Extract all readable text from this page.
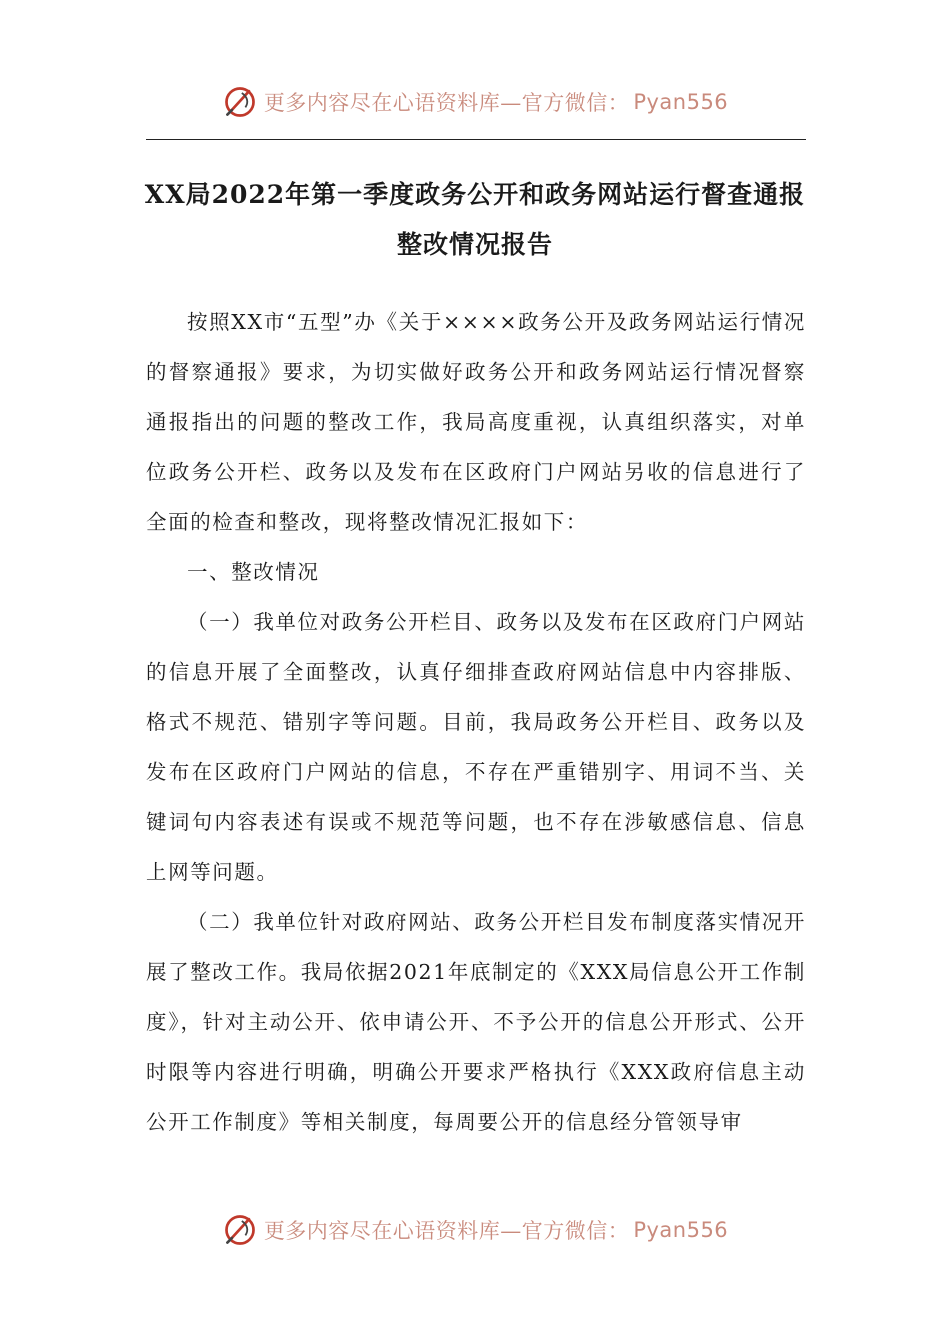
更多内容尽在心语资料库—官方微信： Pyan556
XX局2022年第一季度政务公开和政务网站运行督查通报整改情况报告

按照XX市“五型”办《关于××××政务公开及政务网站运行情况的督察通报》要求，为切实做好政务公开和政务网站运行情况督察通报指出的问题的整改工作，我局高度重视，认真组织落实，对单位政务公开栏、政务以及发布在区政府门户网站另收的信息进行了全面的检查和整改，现将整改情况汇报如下：

一、整改情况

（一）我单位对政务公开栏目、政务以及发布在区政府门户网站的信息开展了全面整改，认真仔细排查政府网站信息中内容排版、格式不规范、错别字等问题。目前，我局政务公开栏目、政务以及发布在区政府门户网站的信息，不存在严重错别字、用词不当、关键词句内容表述有误或不规范等问题，也不存在涉敏感信息、信息上网等问题。

（二）我单位针对政府网站、政务公开栏目发布制度落实情况开展了整改工作。我局依据2021年底制定的《XXX局信息公开工作制度》，针对主动公开、依申请公开、不予公开的信息公开形式、公开时限等内容进行明确，明确公开要求严格执行《XXX政府信息主动公开工作制度》等相关制度，每周要公开的信息经分管领导审

更多内容尽在心语资料库—官方微信： Pyan556
